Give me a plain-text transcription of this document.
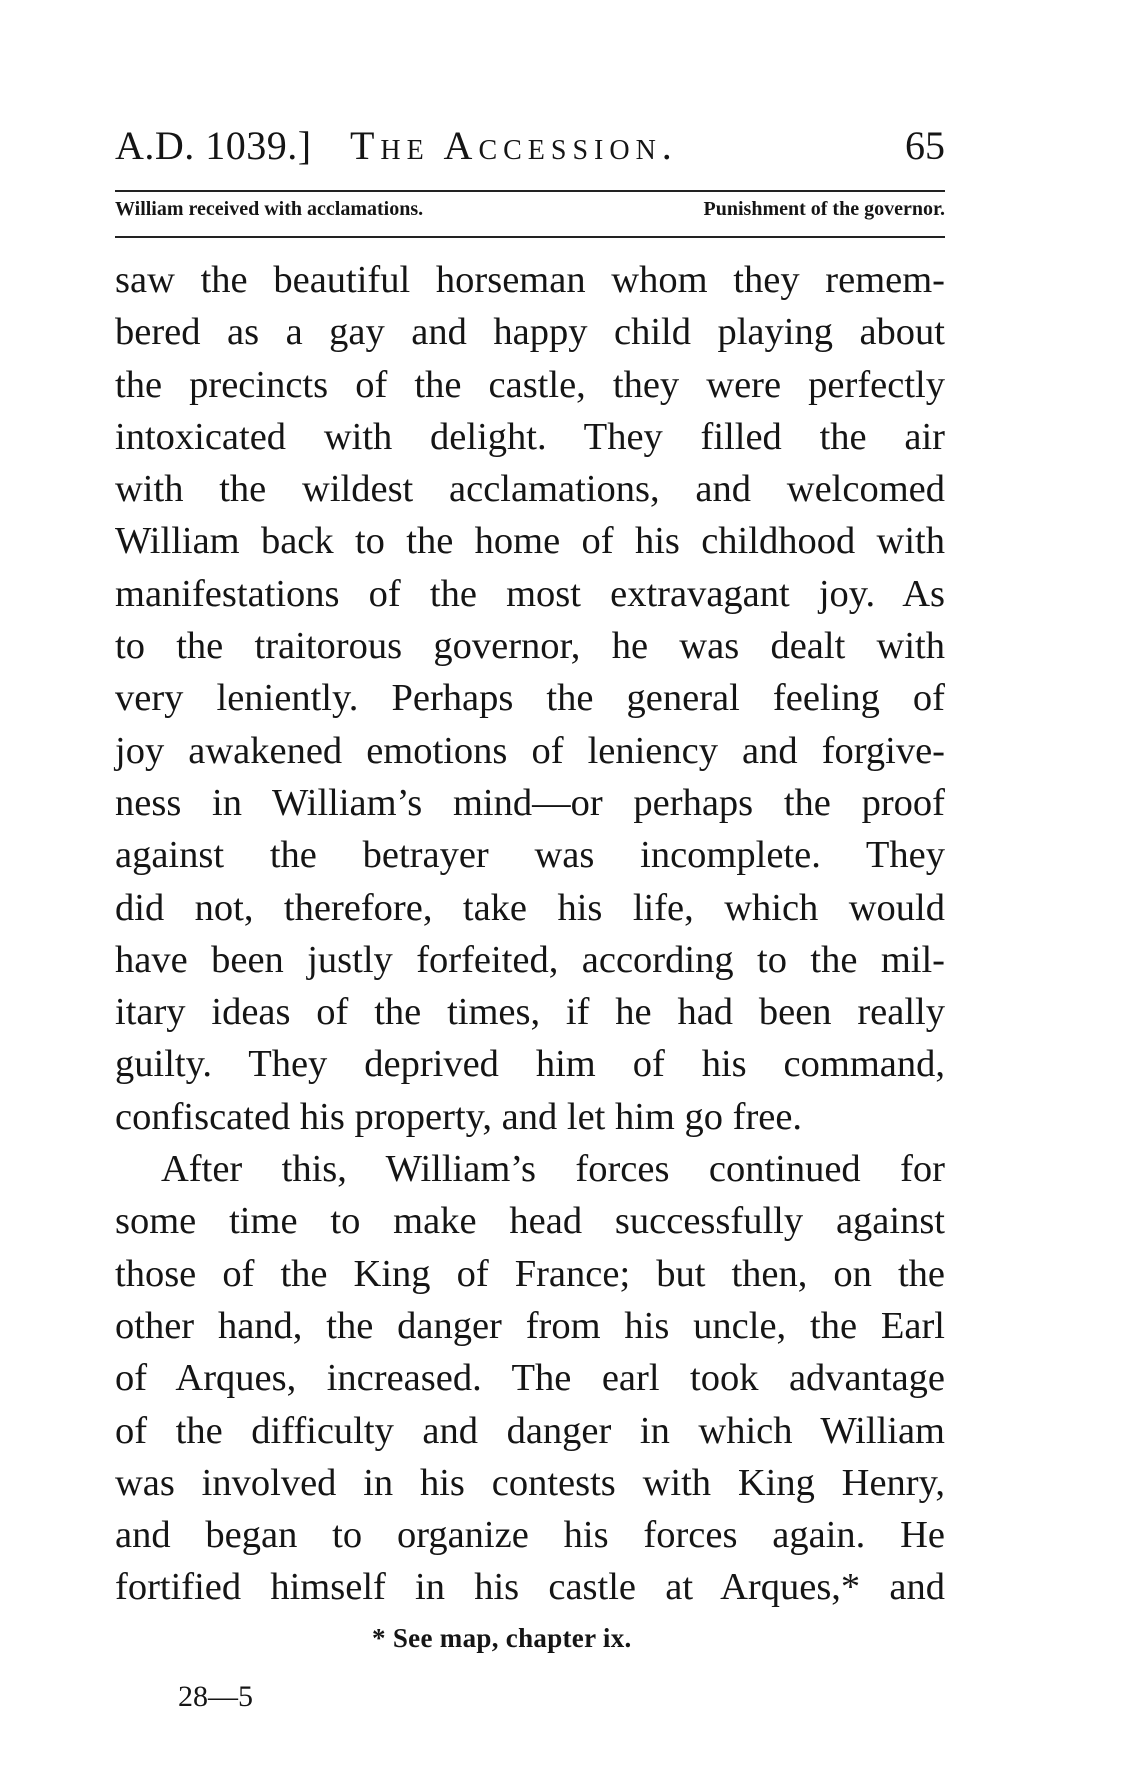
A.D. 1039.] The Accession.	65
William received with acclamations.	Punishment of the governor.
saw the beautiful horseman whom they remem-
bered as a gay and happy child playing about
the precincts of the castle, they were perfectly
intoxicated with delight. They filled the air
with the wildest acclamations, and welcomed
William back to the home of his childhood with
manifestations of the most extravagant joy. As
to the traitorous governor, he was dealt with
very leniently. Perhaps the general feeling of
joy awakened emotions of leniency and forgive-
ness in William’s mind—or perhaps the proof
against the betrayer was incomplete. They
did not, therefore, take his life, which would
have been justly forfeited, according to the mil-
itary ideas of the times, if he had been really
guilty. They deprived him of his command,
confiscated his property, and let him go free.
After this, William’s forces continued for
some time to make head successfully against
those of the King of France; but then, on the
other hand, the danger from his uncle, the Earl
of Arques, increased. The earl took advantage
of the difficulty and danger in which William
was involved in his contests with King Henry,
and began to organize his forces again. He
fortified himself in his castle at Arques,* and
* See map, chapter ix.
28—5
